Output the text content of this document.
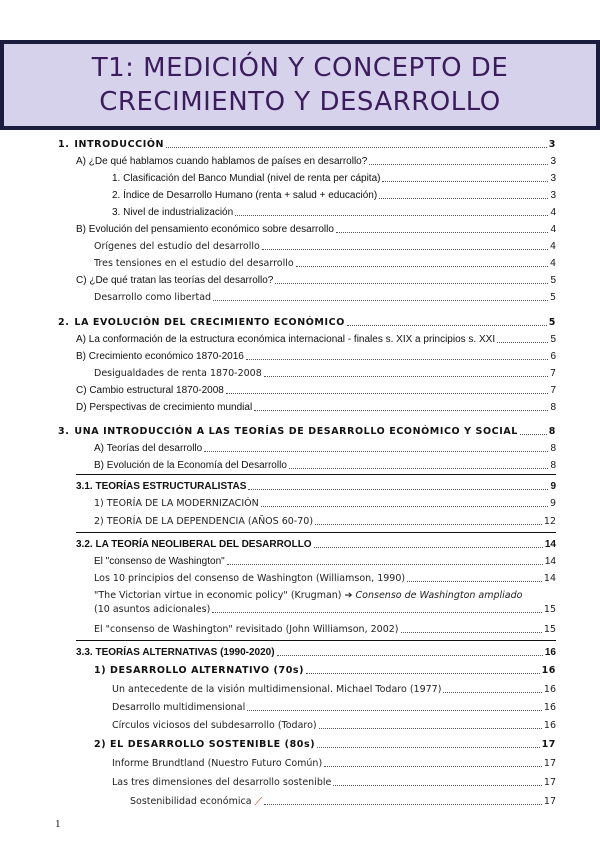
T1: MEDICIÓN Y CONCEPTO DE
CRECIMIENTO Y DESARROLLO
1. INTRODUCCIÓN	3
A) ¿De qué hablamos cuando hablamos de países en desarrollo?	3
1. Clasificación del Banco Mundial (nivel de renta per cápita)	3
2. Índice de Desarrollo Humano (renta + salud + educación)	3
3. Nivel de industrialización	4
B) Evolución del pensamiento económico sobre desarrollo	4
Orígenes del estudio del desarrollo	4
Tres tensiones en el estudio del desarrollo	4
C) ¿De qué tratan las teorías del desarrollo?	5
Desarrollo como libertad	5
2. LA EVOLUCIÓN DEL CRECIMIENTO ECONÓMICO	5
A) La conformación de la estructura económica internacional - finales s. XIX a principios s. XXI	5
B) Crecimiento económico 1870-2016	6
Desigualdades de renta 1870-2008	7
C) Cambio estructural 1870-2008	7
D) Perspectivas de crecimiento mundial	8
3. UNA INTRODUCCIÓN A LAS TEORÍAS DE DESARROLLO ECONÓMICO Y SOCIAL	8
A) Teorías del desarrollo	8
B) Evolución de la Economía del Desarrollo	8
3.1. TEORÍAS ESTRUCTURALISTAS	9
1) TEORÍA DE LA MODERNIZACIÓN	9
2) TEORÍA DE LA DEPENDENCIA (AÑOS 60-70)	12
3.2. LA TEORÍA NEOLIBERAL DEL DESARROLLO	14
El "consenso de Washington"	14
Los 10 principios del consenso de Washington (Williamson, 1990)	14
"The Victorian virtue in economic policy" (Krugman) ➔ Consenso de Washington ampliado
(10 asuntos adicionales)	15
El "consenso de Washington" revisitado (John Williamson, 2002)	15
3.3. TEORÍAS ALTERNATIVAS (1990-2020)	16
1) DESARROLLO ALTERNATIVO (70s)	16
Un antecedente de la visión multidimensional. Michael Todaro (1977)	16
Desarrollo multidimensional	16
Círculos viciosos del subdesarrollo (Todaro)	16
2) EL DESARROLLO SOSTENIBLE (80s)	17
Informe Brundtland (Nuestro Futuro Común)	17
Las tres dimensiones del desarrollo sostenible	17
Sostenibilidad económica ⟋	17
1
